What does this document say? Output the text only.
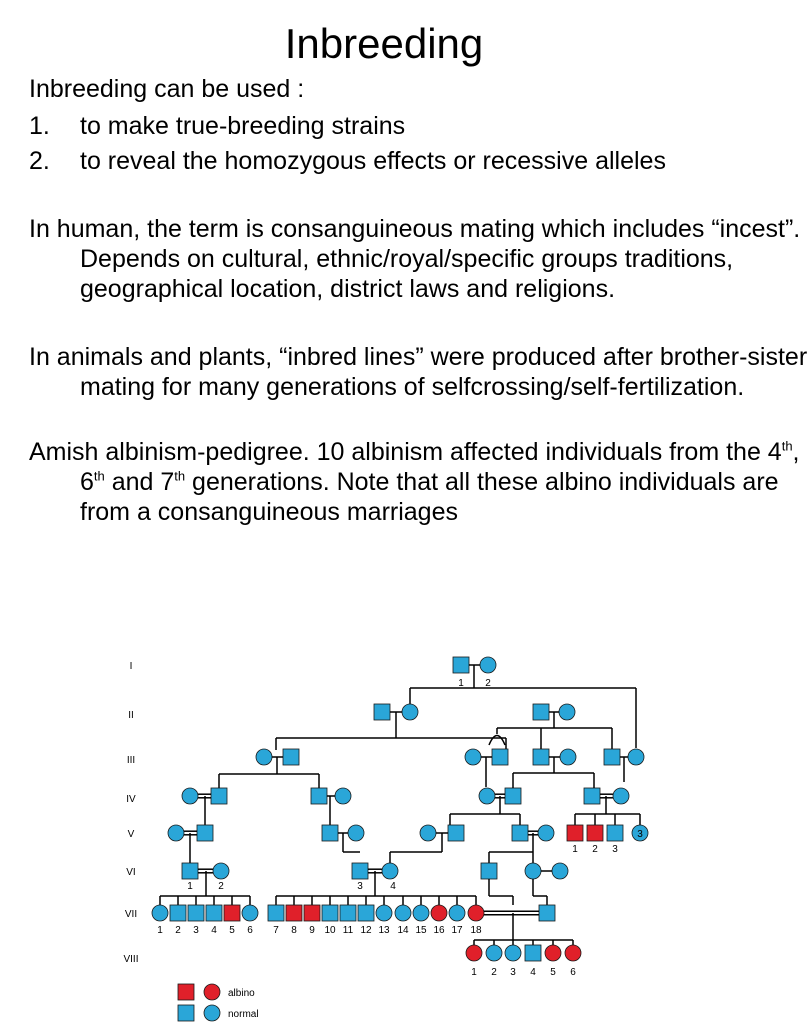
Inbreeding

Inbreeding can be used :

1.	to make true-breeding strains

2.	to reveal the homozygous effects or recessive alleles

In human, the term is consanguineous mating which includes “incest”. Depends on cultural, ethnic/royal/specific groups traditions, geographical location, district laws and religions.

In animals and plants, “inbred lines” were produced after brother-sister mating for many generations of selfcrossing/self-fertilization.

Amish albinism-pedigree. 10 albinism affected individuals from the 4th, 6th and 7th generations. Note that all these albino individuals are from a consanguineous marriages

I
II
III
IV
V
VI
VII
VIII
1 2
3
1 2 3
1	2	3	4
1 2 3 4 5 6 7 8 9 10 11 12 13 14 15 16 17 18
1 2 3 4 5 6
albino
normal
